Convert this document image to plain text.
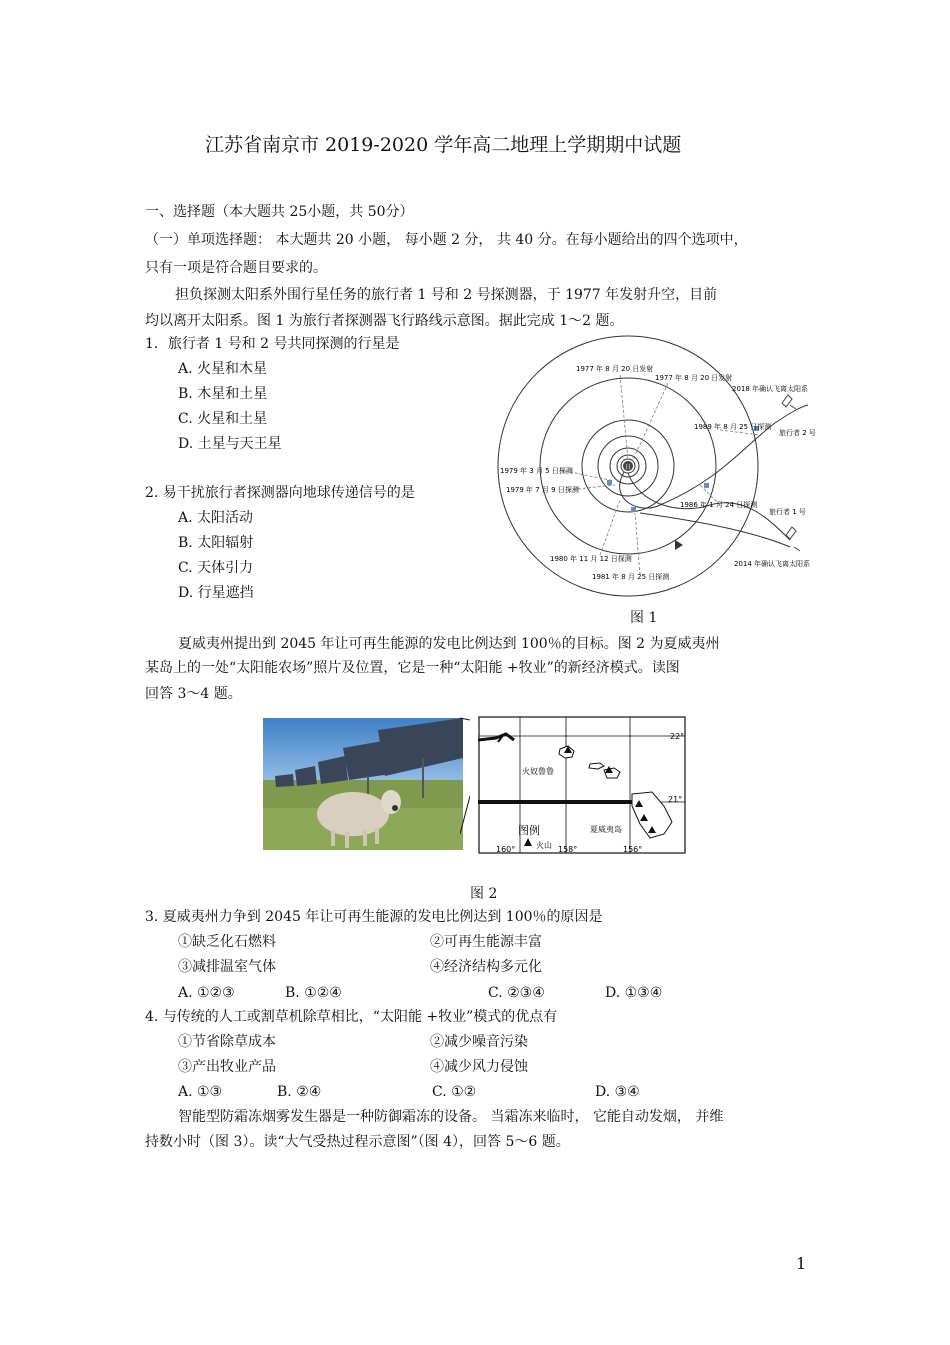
江苏省南京市 2019-2020 学年高二地理上学期期中试题
一、选择题（本大题共 25小题，共 50分）
（一）单项选择题： 本大题共 20 小题， 每小题 2 分， 共 40 分。在每小题给出的四个选项中，
只有一项是符合题目要求的。
担负探测太阳系外围行星任务的旅行者 1 号和 2 号探测器，于 1977 年发射升空，目前
均以离开太阳系。图 1 为旅行者探测器飞行路线示意图。据此完成 1～2 题。
1．旅行者 1 号和 2 号共同探测的行星是
A. 火星和木星
B. 木星和土星
C. 火星和土星
D. 土星与天王星
2. 易干扰旅行者探测器向地球传递信号的是
A. 太阳活动
B. 太阳辐射
C. 天体引力
D. 行星遮挡
日
1977 年 8 月 20 日发射
1977 年 8 月 20 日发射
2018 年确认飞离太阳系
1989 年 8 月 25 日探测
旅行者 2 号
1979 年 3 月 5 日探测
1979 年 7 月 9 日探测
1986 年 1 月 24 日探测
旅行者 1 号
1980 年 11 月 12 日探测
1981 年 8 月 25 日探测
2014 年确认飞离太阳系
图 1
夏威夷州提出到 2045 年让可再生能源的发电比例达到 100％的目标。图 2 为夏威夷州
某岛上的一处“太阳能农场”照片及位置，它是一种“太阳能 +牧业”的新经济模式。读图
回答 3～4 题。
22°
21°
火奴鲁鲁
夏威夷岛
图例
火山
160°	158°	156°
图 2
3. 夏威夷州力争到 2045 年让可再生能源的发电比例达到 100％的原因是
①缺乏化石燃料	②可再生能源丰富
③减排温室气体	④经济结构多元化
A. ①②③	B. ①②④	C. ②③④	D. ①③④
4. 与传统的人工或割草机除草相比，“太阳能 +牧业”模式的优点有
①节省除草成本	②减少噪音污染
③产出牧业产品	④减少风力侵蚀
A. ①③	B. ②④	C. ①②	D. ③④
智能型防霜冻烟雾发生器是一种防御霜冻的设备。 当霜冻来临时， 它能自动发烟， 并维
持数小时（图 3）。读“大气受热过程示意图”（图 4），回答 5～6 题。
1
